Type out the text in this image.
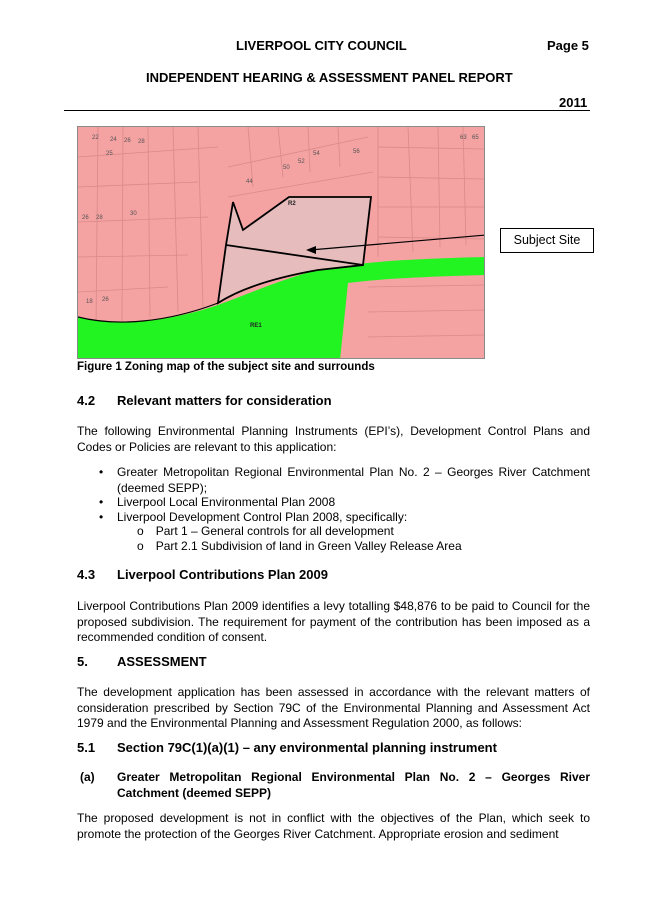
LIVERPOOL CITY COUNCIL	Page 5
INDEPENDENT HEARING & ASSESSMENT PANEL REPORT
2011
22 24 26 28
25
63 65
50
52
54	56
44
26 28
30
18 26
R2
RE1
Subject Site
Figure 1 Zoning map of the subject site and surrounds
4.2 Relevant matters for consideration

The following Environmental Planning Instruments (EPI’s), Development Control Plans and Codes or Policies are relevant to this application:

• Greater Metropolitan Regional Environmental Plan No. 2 – Georges River Catchment (deemed SEPP);
• Liverpool Local Environmental Plan 2008
• Liverpool Development Control Plan 2008, specifically:
o Part 1 – General controls for all development
o Part 2.1 Subdivision of land in Green Valley Release Area
4.3 Liverpool Contributions Plan 2009

Liverpool Contributions Plan 2009 identifies a levy totalling $48,876 to be paid to Council for the proposed subdivision. The requirement for payment of the contribution has been imposed as a recommended condition of consent.

5. ASSESSMENT

The development application has been assessed in accordance with the relevant matters of consideration prescribed by Section 79C of the Environmental Planning and Assessment Act 1979 and the Environmental Planning and Assessment Regulation 2000, as follows:

5.1 Section 79C(1)(a)(1) – any environmental planning instrument
(a) Greater Metropolitan Regional Environmental Plan No. 2 – Georges River Catchment (deemed SEPP)

The proposed development is not in conflict with the objectives of the Plan, which seek to promote the protection of the Georges River Catchment. Appropriate erosion and sediment
